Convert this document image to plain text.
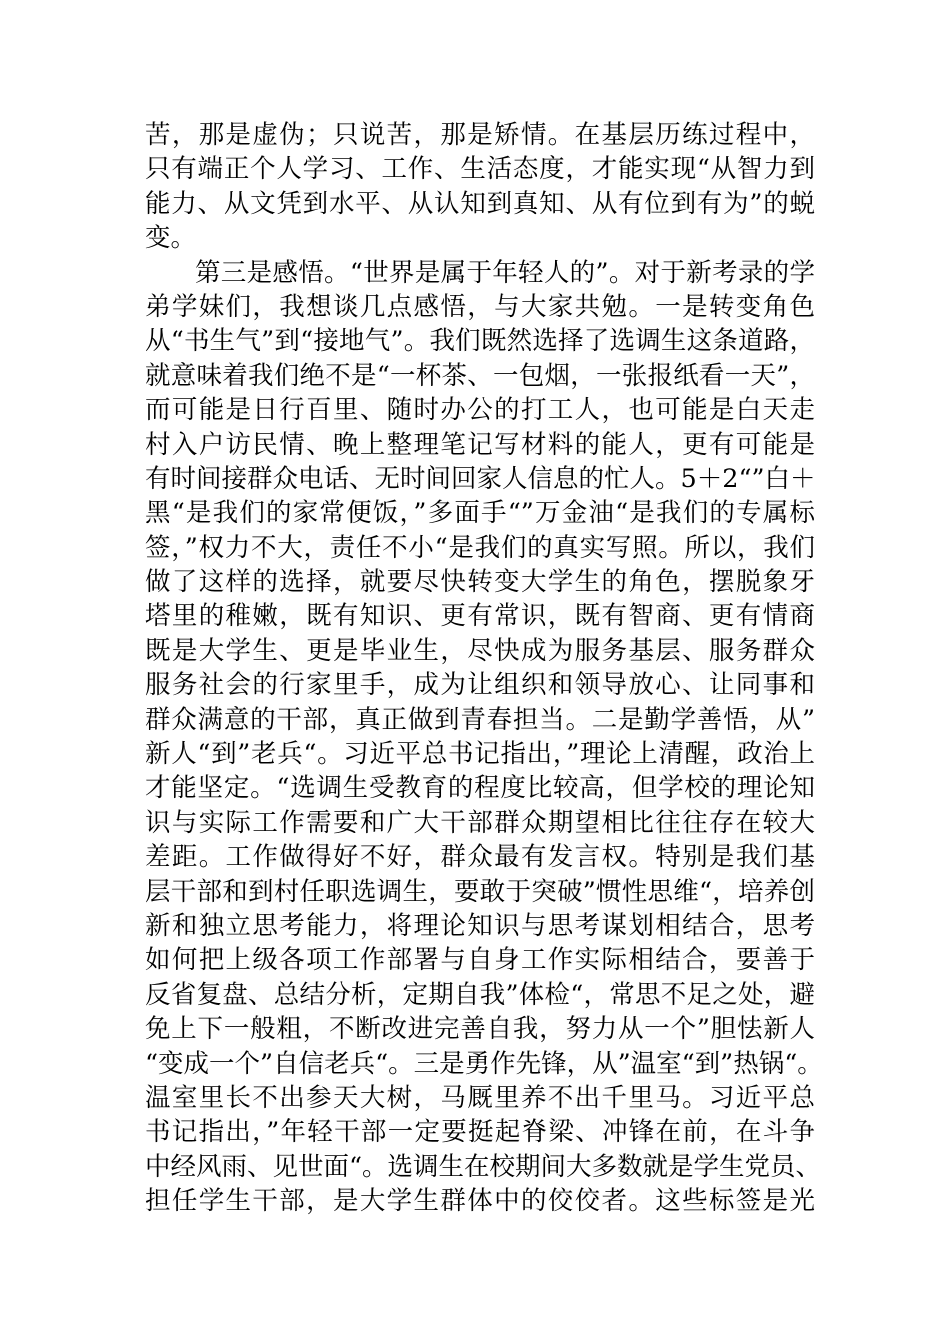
苦，那是虚伪；只说苦，那是矫情。在基层历练过程中，
只有端正个人学习、工作、生活态度，才能实现“从智力到
能力、从文凭到水平、从认知到真知、从有位到有为”的蜕
变。
第三是感悟。“世界是属于年轻人的”。对于新考录的学
弟学妹们，我想谈几点感悟，与大家共勉。一是转变角色
从“书生气”到“接地气”。我们既然选择了选调生这条道路，
就意味着我们绝不是“一杯茶、一包烟，一张报纸看一天”，
而可能是日行百里、随时办公的打工人，也可能是白天走
村入户访民情、晚上整理笔记写材料的能人，更有可能是
有时间接群众电话、无时间回家人信息的忙人。5＋2“”白＋
黑“是我们的家常便饭，”多面手“”万金油“是我们的专属标
签，”权力不大，责任不小“是我们的真实写照。所以，我们
做了这样的选择，就要尽快转变大学生的角色，摆脱象牙
塔里的稚嫩，既有知识、更有常识，既有智商、更有情商
既是大学生、更是毕业生，尽快成为服务基层、服务群众
服务社会的行家里手，成为让组织和领导放心、让同事和
群众满意的干部，真正做到青春担当。二是勤学善悟，从”
新人“到”老兵“。习近平总书记指出，”理论上清醒，政治上
才能坚定。“选调生受教育的程度比较高，但学校的理论知
识与实际工作需要和广大干部群众期望相比往往存在较大
差距。工作做得好不好，群众最有发言权。特别是我们基
层干部和到村任职选调生，要敢于突破”惯性思维“，培养创
新和独立思考能力，将理论知识与思考谋划相结合，思考
如何把上级各项工作部署与自身工作实际相结合，要善于
反省复盘、总结分析，定期自我”体检“，常思不足之处，避
免上下一般粗，不断改进完善自我，努力从一个”胆怯新人
“变成一个”自信老兵“。三是勇作先锋，从”温室“到”热锅“。
温室里长不出参天大树，马厩里养不出千里马。习近平总
书记指出，”年轻干部一定要挺起脊梁、冲锋在前，在斗争
中经风雨、见世面“。选调生在校期间大多数就是学生党员、
担任学生干部，是大学生群体中的佼佼者。这些标签是光
